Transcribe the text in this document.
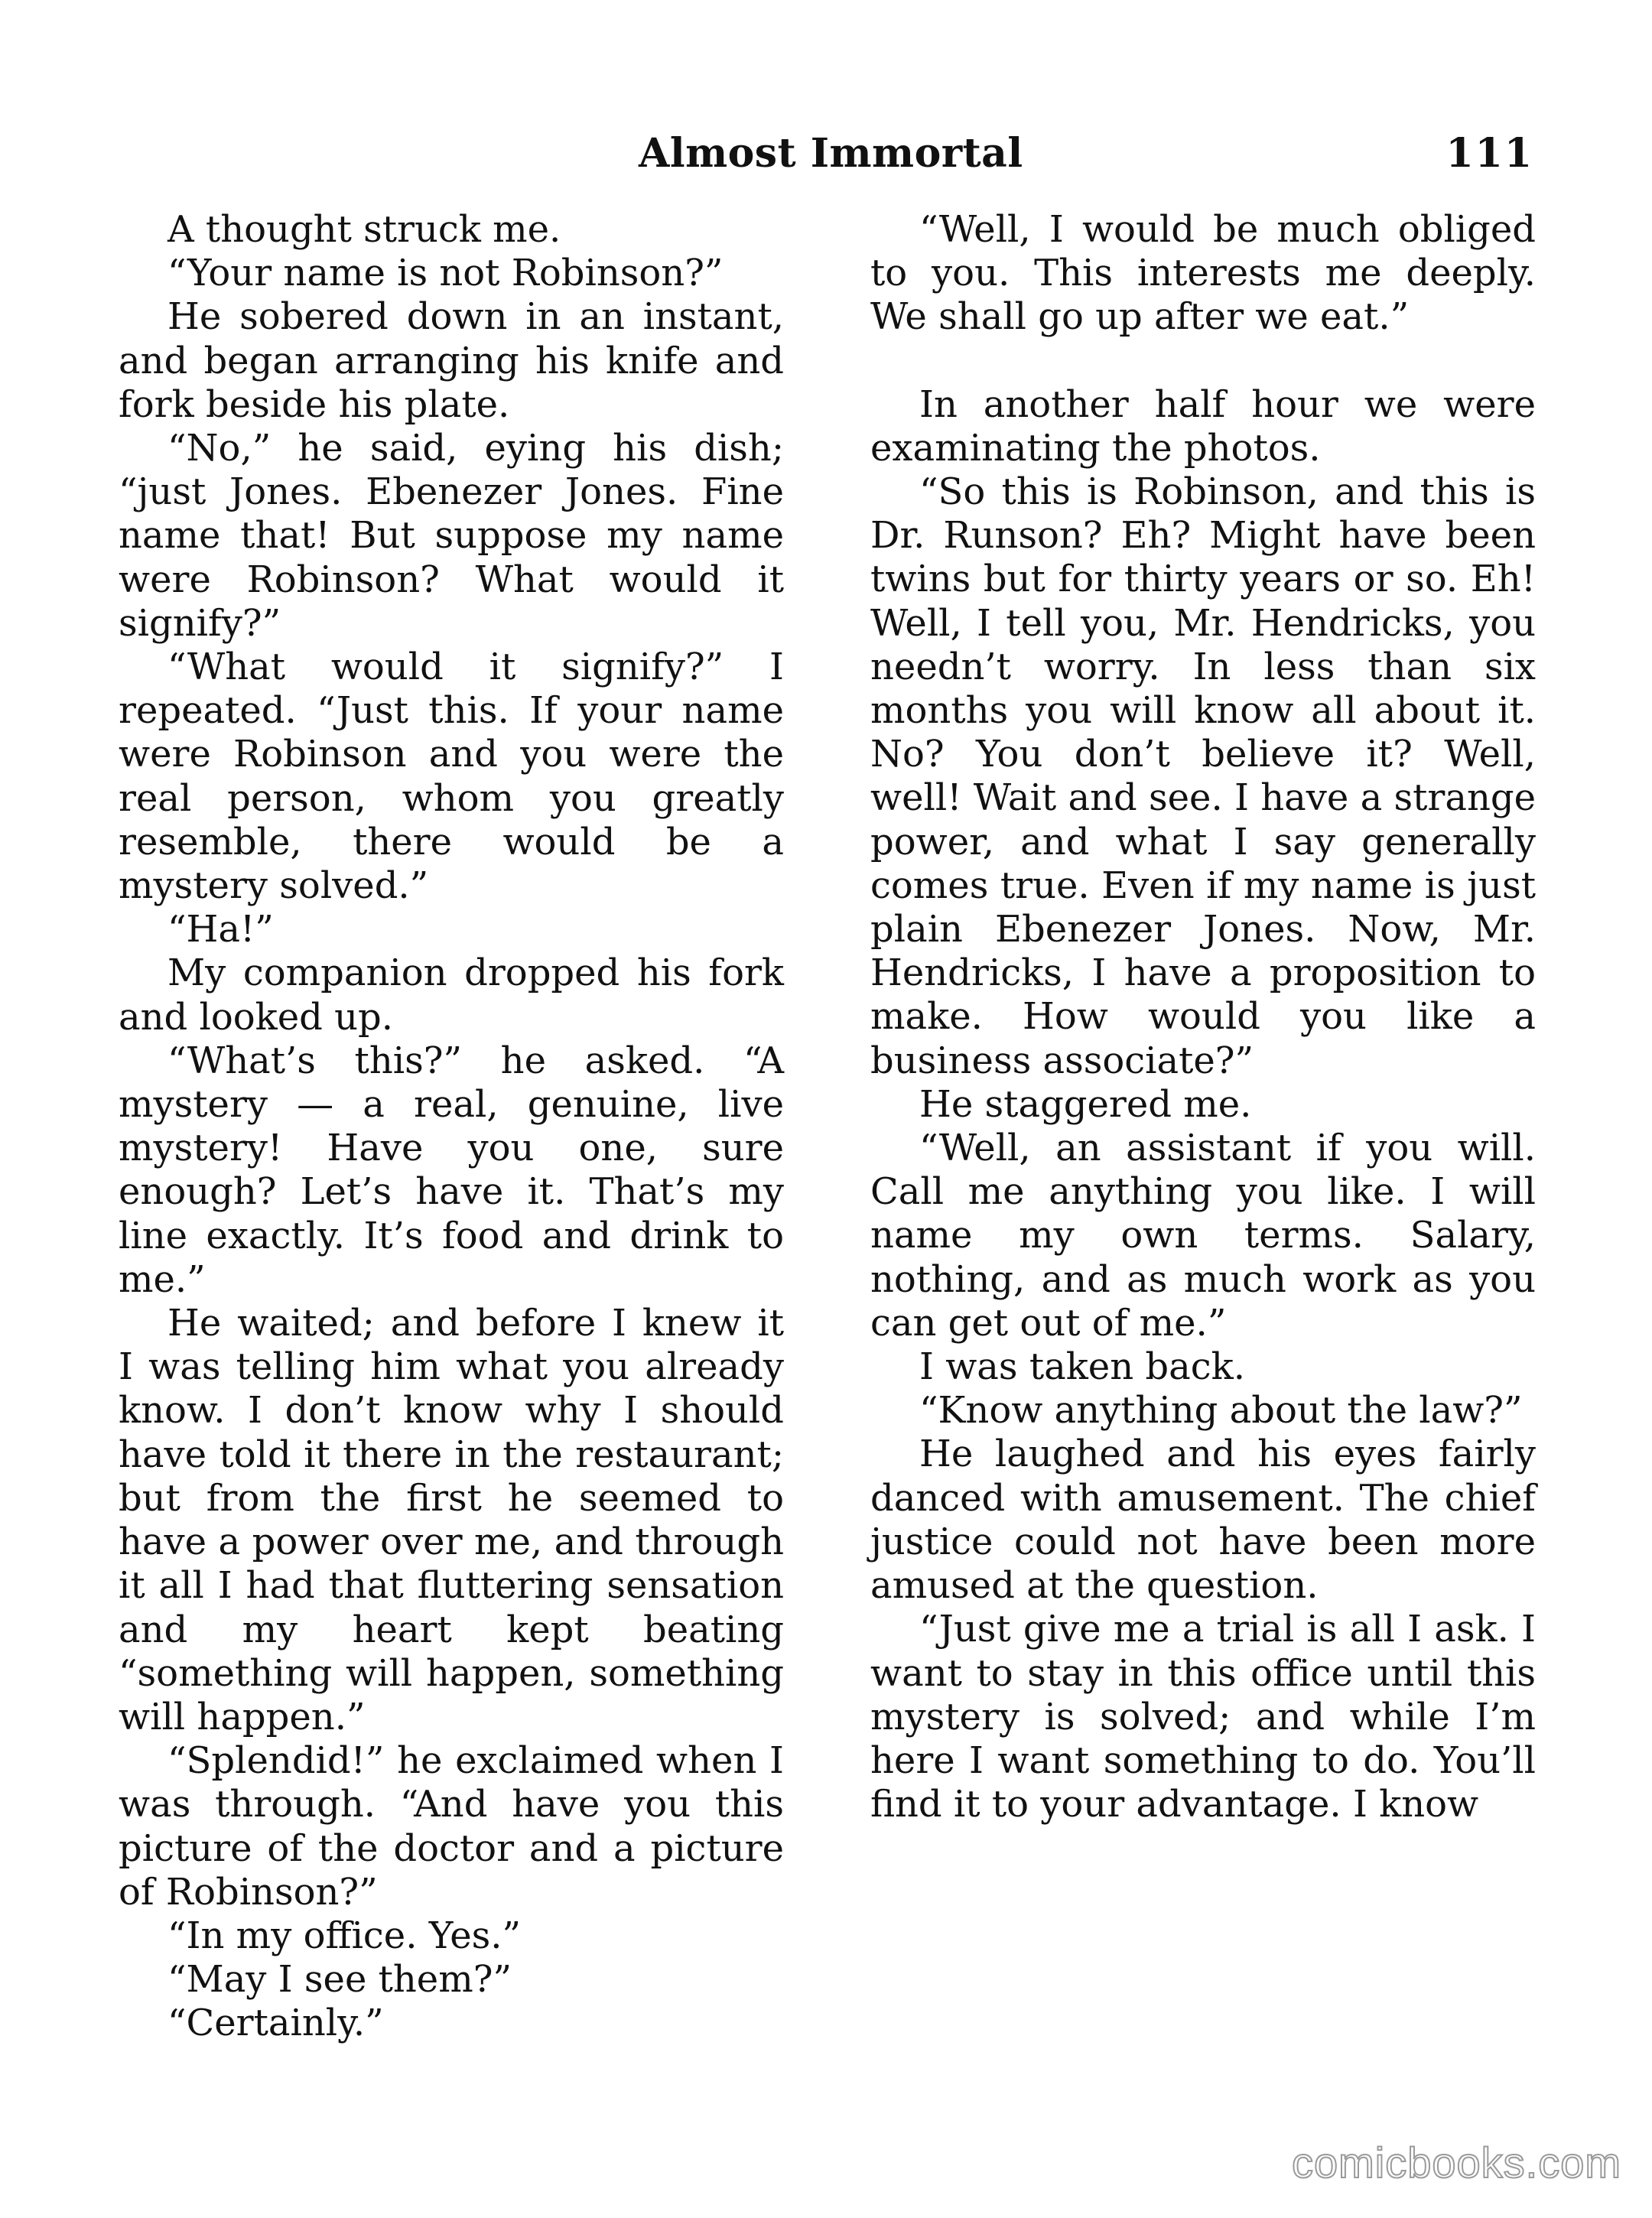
Almost Immortal	111

A thought struck me.

“Your name is not Robinson?”

He sobered down in an instant, and began arranging his knife and fork beside his plate.

“No,” he said, eying his dish; “just Jones. Ebenezer Jones. Fine name that! But suppose my name were Robinson? What would it signify?”

“What would it signify?” I repeated. “Just this. If your name were Robinson and you were the real person, whom you greatly resemble, there would be a mystery solved.”

“Ha!”

My companion dropped his fork and looked up.

“What’s this?” he asked. “A mystery — a real, genuine, live mystery! Have you one, sure enough? Let’s have it. That’s my line exactly. It’s food and drink to me.”

He waited; and before I knew it I was telling him what you already know. I don’t know why I should have told it there in the restaurant; but from the first he seemed to have a power over me, and through it all I had that fluttering sensation and my heart kept beating “something will happen, something will happen.”

“Splendid!” he exclaimed when I was through. “And have you this picture of the doctor and a picture of Robinson?”

“In my office. Yes.”

“May I see them?”

“Certainly.”

“Well, I would be much obliged to you. This interests me deeply. We shall go up after we eat.”

In another half hour we were examinating the photos.

“So this is Robinson, and this is Dr. Runson? Eh? Might have been twins but for thirty years or so. Eh! Well, I tell you, Mr. Hendricks, you needn’t worry. In less than six months you will know all about it. No? You don’t believe it? Well, well! Wait and see. I have a strange power, and what I say generally comes true. Even if my name is just plain Ebenezer Jones. Now, Mr. Hendricks, I have a proposition to make. How would you like a business associate?”

He staggered me.

“Well, an assistant if you will. Call me anything you like. I will name my own terms. Salary, nothing, and as much work as you can get out of me.”

I was taken back.

“Know anything about the law?”

He laughed and his eyes fairly danced with amusement. The chief justice could not have been more amused at the question.

“Just give me a trial is all I ask. I want to stay in this office until this mystery is solved; and while I’m here I want something to do. You’ll find it to your advantage. I know

comicbooks.com
